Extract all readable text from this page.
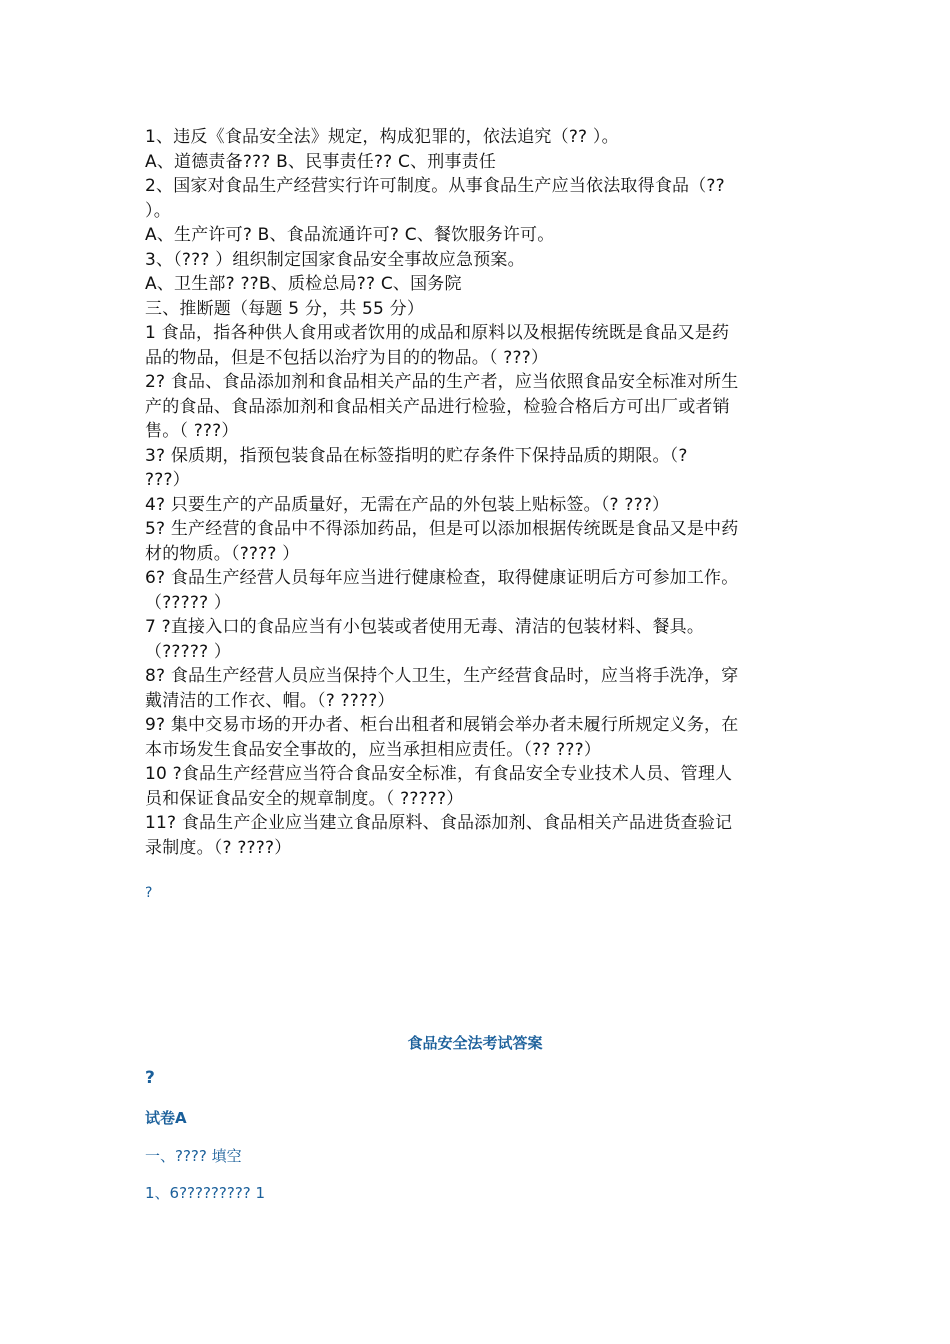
1、违反《食品安全法》规定，构成犯罪的，依法追究（?? ）。

A、道德责备??? B、民事责任?? C、刑事责任

2、国家对食品生产经营实行许可制度。从事食品生产应当依法取得食品（??

）。

A、生产许可? B、食品流通许可? C、餐饮服务许可。

3、（??? ）组织制定国家食品安全事故应急预案。

A、卫生部? ??B、质检总局?? C、国务院

三、推断题（每题 5 分，共 55 分）

1 食品，指各种供人食用或者饮用的成品和原料以及根据传统既是食品又是药

品的物品，但是不包括以治疗为目的的物品。（ ???）

2? 食品、食品添加剂和食品相关产品的生产者，应当依照食品安全标准对所生

产的食品、食品添加剂和食品相关产品进行检验，检验合格后方可出厂或者销

售。（ ???）

3? 保质期，指预包装食品在标签指明的贮存条件下保持品质的期限。（?

???）

4? 只要生产的产品质量好，无需在产品的外包装上贴标签。（? ???）

5? 生产经营的食品中不得添加药品，但是可以添加根据传统既是食品又是中药

材的物质。（???? ）

6? 食品生产经营人员每年应当进行健康检查，取得健康证明后方可参加工作。

（????? ）

7 ?直接入口的食品应当有小包装或者使用无毒、清洁的包装材料、餐具。

（????? ）

8? 食品生产经营人员应当保持个人卫生，生产经营食品时，应当将手洗净，穿

戴清洁的工作衣、帽。（? ????）

9? 集中交易市场的开办者、柜台出租者和展销会举办者未履行所规定义务，在

本市场发生食品安全事故的，应当承担相应责任。（?? ???）

10 ?食品生产经营应当符合食品安全标准，有食品安全专业技术人员、管理人

员和保证食品安全的规章制度。（ ?????）

11? 食品生产企业应当建立食品原料、食品添加剂、食品相关产品进货查验记

录制度。（? ????）

?
食品安全法考试答案
?
试卷A
一、???? 填空
1、6????????? 1
